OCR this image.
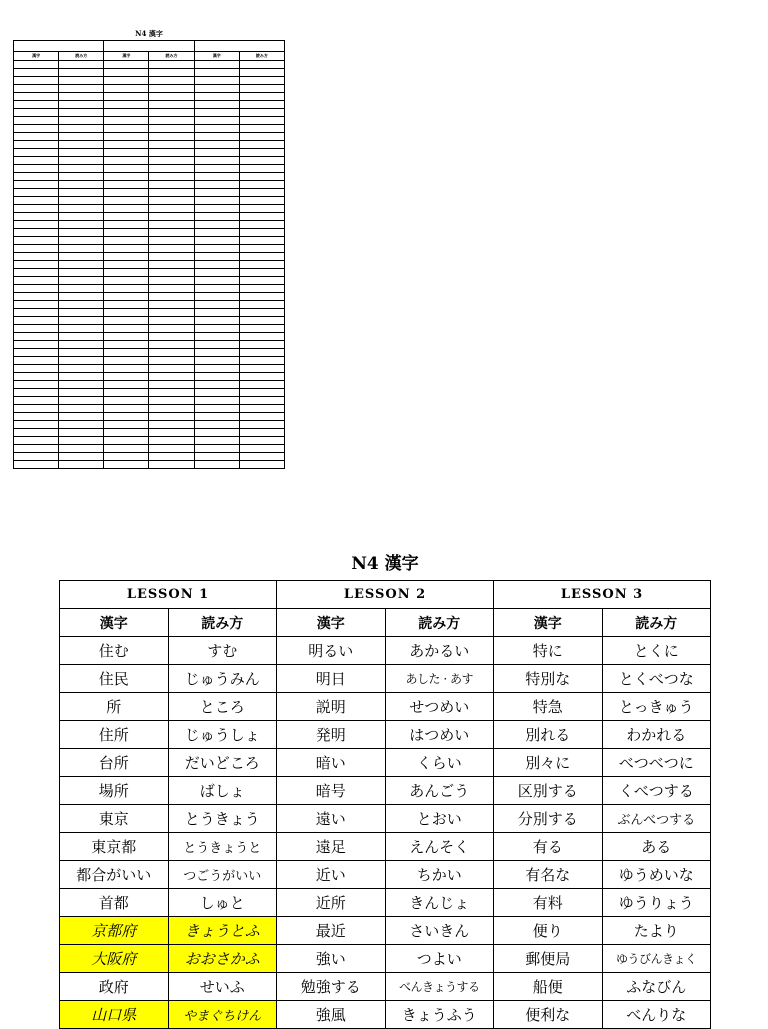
N4 漢字

漢字	読み方	漢字	読み方	漢字	読み方

N4 漢字
LESSON 1		LESSON 2		LESSON 3	
漢字	読み方	漢字	読み方	漢字	読み方
住む	すむ	明るい	あかるい	特に	とくに
住民	じゅうみん	明日	あした · あす	特別な	とくべつな
所	ところ	説明	せつめい	特急	とっきゅう
住所	じゅうしょ	発明	はつめい	別れる	わかれる
台所	だいどころ	暗い	くらい	別々に	べつべつに
場所	ばしょ	暗号	あんごう	区別する	くべつする
東京	とうきょう	遠い	とおい	分別する	ぶんべつする
東京都	とうきょうと	遠足	えんそく	有る	ある
都合がいい	つごうがいい	近い	ちかい	有名な	ゆうめいな
首都	しゅと	近所	きんじょ	有料	ゆうりょう
京都府	きょうとふ	最近	さいきん	便り	たより
大阪府	おおさかふ	強い	つよい	郵便局	ゆうびんきょく
政府	せいふ	勉強する	べんきょうする	船便	ふなびん
山口県	やまぐちけん	強風	きょうふう	便利な	べんりな
